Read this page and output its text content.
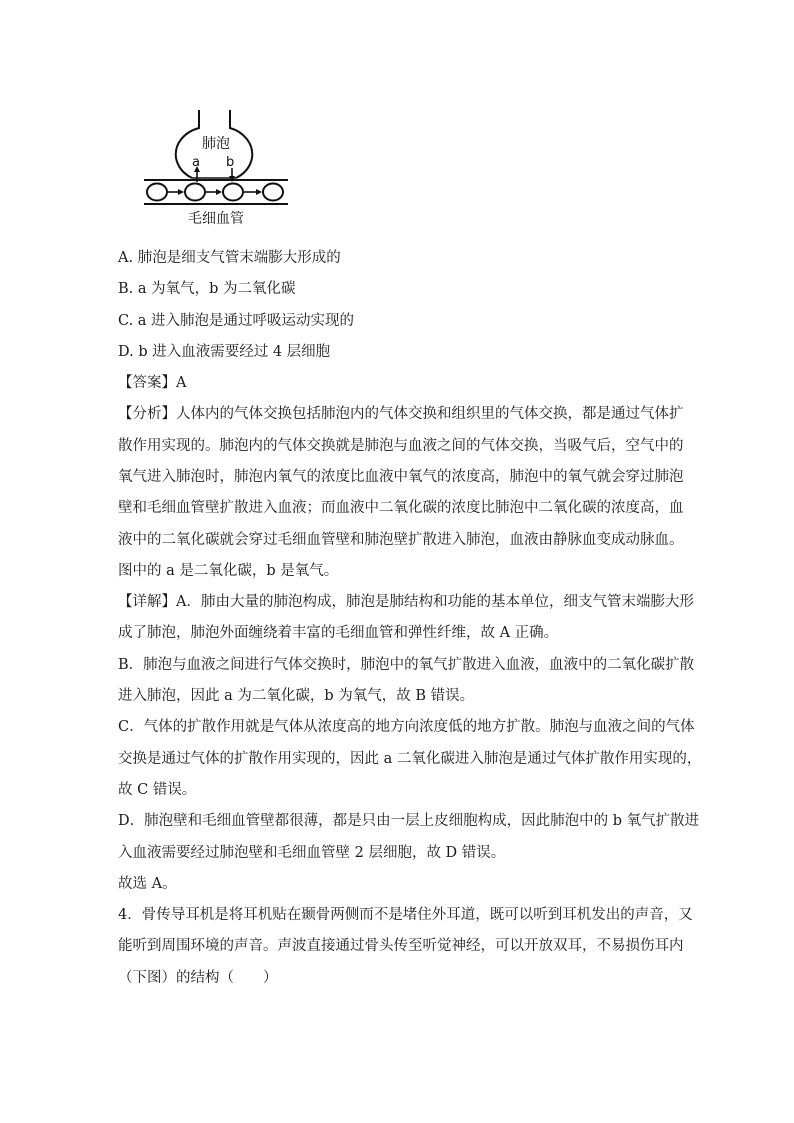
肺泡
a b
毛细血管
A. 肺泡是细支气管末端膨大形成的
B. a 为氧气，b 为二氧化碳
C. a 进入肺泡是通过呼吸运动实现的
D. b 进入血液需要经过 4 层细胞
【答案】A
【分析】人体内的气体交换包括肺泡内的气体交换和组织里的气体交换，都是通过气体扩
散作用实现的。肺泡内的气体交换就是肺泡与血液之间的气体交换，当吸气后，空气中的
氧气进入肺泡时，肺泡内氧气的浓度比血液中氧气的浓度高，肺泡中的氧气就会穿过肺泡
壁和毛细血管壁扩散进入血液；而血液中二氧化碳的浓度比肺泡中二氧化碳的浓度高，血
液中的二氧化碳就会穿过毛细血管壁和肺泡壁扩散进入肺泡，血液由静脉血变成动脉血。
图中的 a 是二氧化碳，b 是氧气。
【详解】A．肺由大量的肺泡构成，肺泡是肺结构和功能的基本单位，细支气管末端膨大形
成了肺泡，肺泡外面缠绕着丰富的毛细血管和弹性纤维，故 A 正确。
B．肺泡与血液之间进行气体交换时，肺泡中的氧气扩散进入血液，血液中的二氧化碳扩散
进入肺泡，因此 a 为二氧化碳，b 为氧气，故 B 错误。
C．气体的扩散作用就是气体从浓度高的地方向浓度低的地方扩散。肺泡与血液之间的气体
交换是通过气体的扩散作用实现的，因此 a 二氧化碳进入肺泡是通过气体扩散作用实现的，
故 C 错误。
D．肺泡壁和毛细血管壁都很薄，都是只由一层上皮细胞构成，因此肺泡中的 b 氧气扩散进
入血液需要经过肺泡壁和毛细血管壁 2 层细胞，故 D 错误。
故选 A。
4．骨传导耳机是将耳机贴在颞骨两侧而不是堵住外耳道，既可以听到耳机发出的声音，又
能听到周围环境的声音。声波直接通过骨头传至听觉神经，可以开放双耳，不易损伤耳内
（下图）的结构（　　）
